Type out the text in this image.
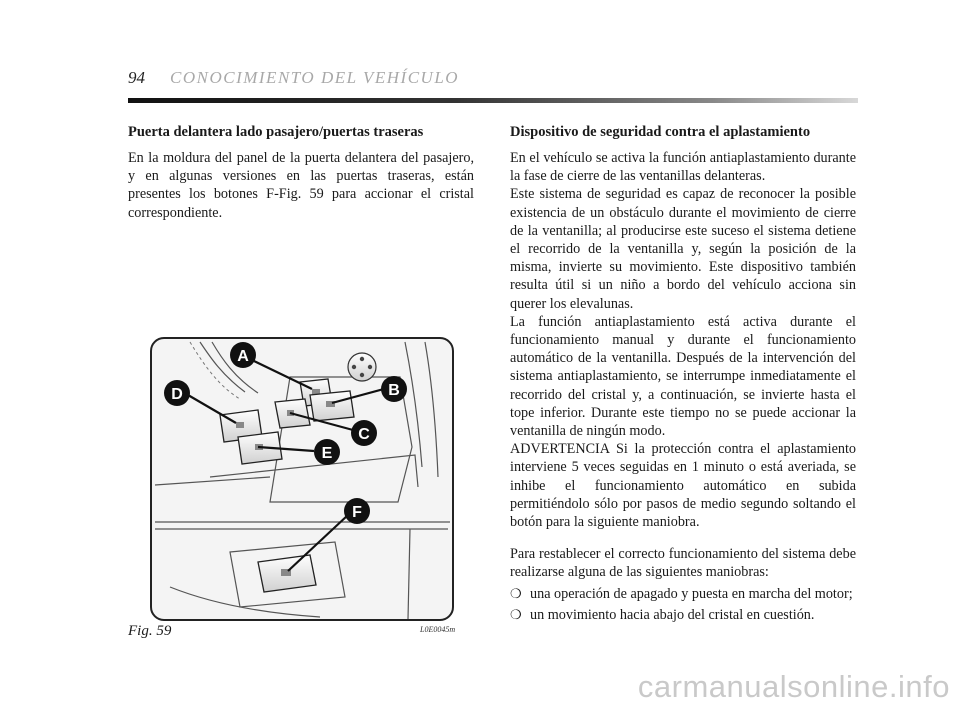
94 CONOCIMIENTO DEL VEHÍCULO

Puerta delantera lado pasajero/puertas traseras

En la moldura del panel de la puerta delantera del pasajero, y en algunas versiones en las puertas traseras, están presentes los botones F-Fig. 59 para accionar el cristal correspondiente.

Dispositivo de seguridad contra el aplastamiento

En el vehículo se activa la función antiaplastamiento durante la fase de cierre de las ventanillas delanteras.

Este sistema de seguridad es capaz de reconocer la posible existencia de un obstáculo durante el movimiento de cierre de la ventanilla; al producirse este suceso el sistema detiene el recorrido de la ventanilla y, según la posición de la misma, invierte su movimiento. Este dispositivo también resulta útil si un niño a bordo del vehículo acciona sin querer los elevalunas.

La función antiaplastamiento está activa durante el funcionamiento manual y durante el funcionamiento automático de la ventanilla. Después de la intervención del sistema antiaplastamiento, se interrumpe inmediatamente el recorrido del cristal y, a continuación, se invierte hasta el tope inferior. Durante este tiempo no se puede accionar la ventanilla de ningún modo.

ADVERTENCIA Si la protección contra el aplastamiento interviene 5 veces seguidas en 1 minuto o está averiada, se inhibe el funcionamiento automático en subida permitiéndolo sólo por pasos de medio segundo soltando el botón para la siguiente maniobra.

Para restablecer el correcto funcionamiento del sistema debe realizarse alguna de las siguientes maniobras:

❍ una operación de apagado y puesta en marcha del motor;
❍ un movimiento hacia abajo del cristal en cuestión.
A
B
C
D
E
F
Fig. 59	L0E0045m
carmanualsonline.info
